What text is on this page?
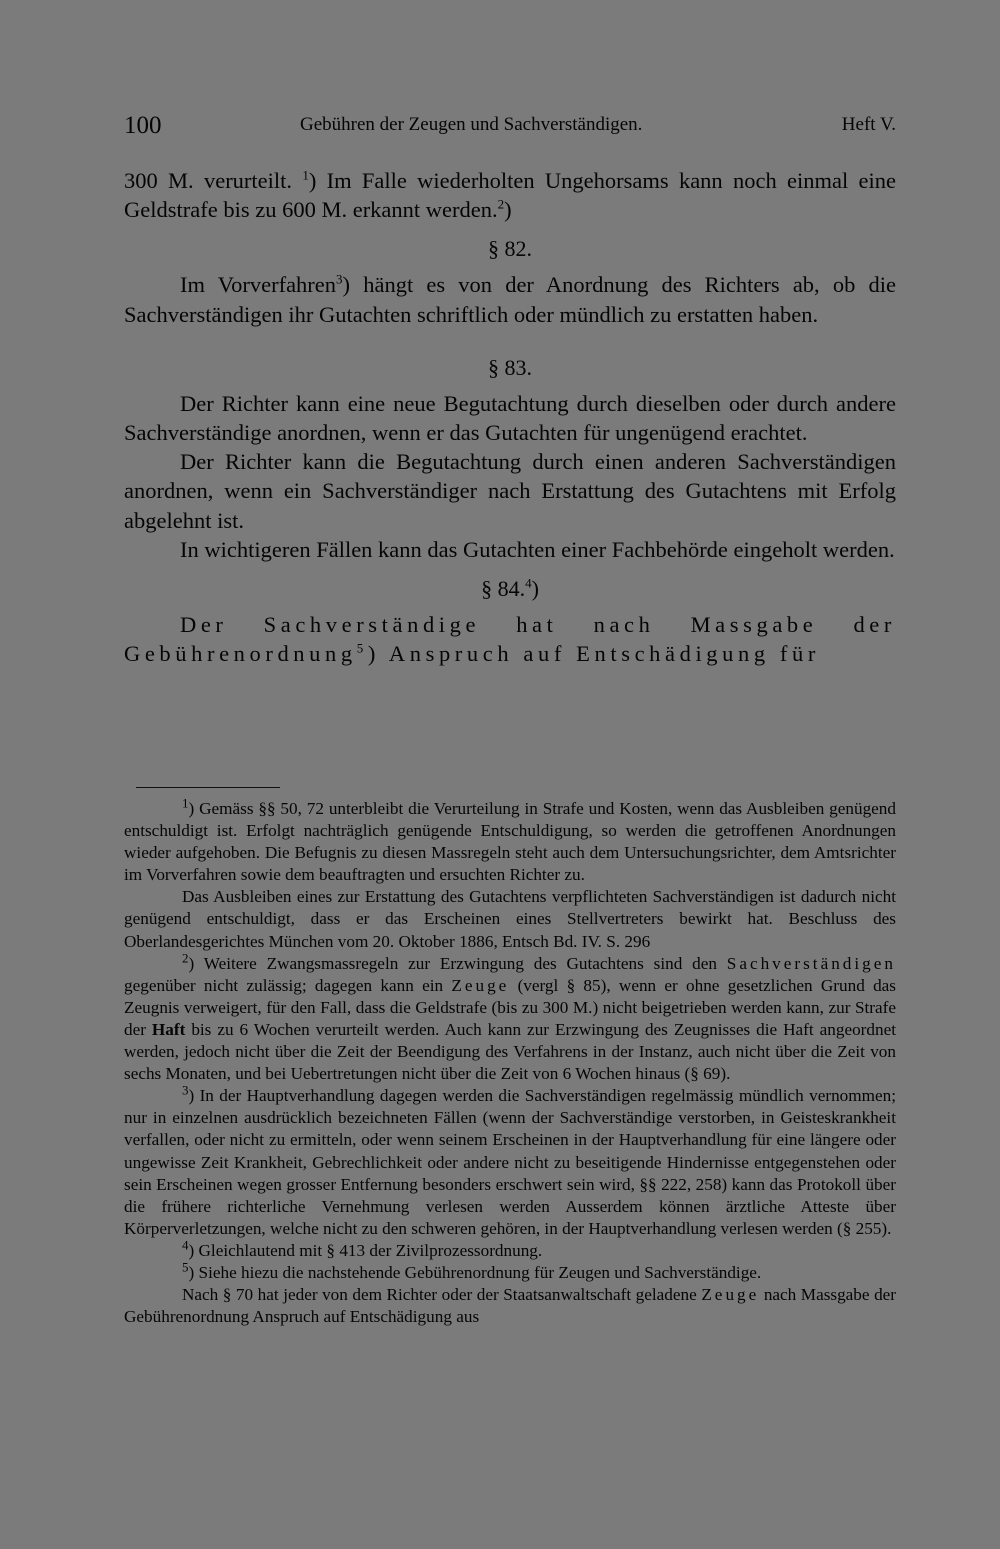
100	Gebühren der Zeugen und Sachverständigen.	Heft V.

300 M. verurteilt. $^1$) Im Falle wiederholten Ungehorsams kann noch einmal eine Geldstrafe bis zu 600 M. erkannt werden.$^2$)

§ 82.

Im Vorverfahren$^3$) hängt es von der Anordnung des Richters ab, ob die Sachverständigen ihr Gutachten schriftlich oder mündlich zu erstatten haben.

§ 83.

Der Richter kann eine neue Begutachtung durch dieselben oder durch andere Sachverständige anordnen, wenn er das Gutachten für ungenügend erachtet.

Der Richter kann die Begutachtung durch einen anderen Sachverständigen anordnen, wenn ein Sachverständiger nach Erstattung des Gutachtens mit Erfolg abgelehnt ist.

In wichtigeren Fällen kann das Gutachten einer Fachbehörde eingeholt werden.

§ 84.$^4$)

Der Sachverständige hat nach Massgabe der Gebührenordnung$^5$) Anspruch auf Entschädigung für

$^1$) Gemäss §§ 50, 72 unterbleibt die Verurteilung in Strafe und Kosten, wenn das Ausbleiben genügend entschuldigt ist. Erfolgt nachträglich genügende Entschuldigung, so werden die getroffenen Anordnungen wieder aufgehoben. Die Befugnis zu diesen Massregeln steht auch dem Untersuchungsrichter, dem Amtsrichter im Vorverfahren sowie dem beauftragten und ersuchten Richter zu.

Das Ausbleiben eines zur Erstattung des Gutachtens verpflichteten Sachverständigen ist dadurch nicht genügend entschuldigt, dass er das Erscheinen eines Stellvertreters bewirkt hat. Beschluss des Oberlandesgerichtes München vom 20. Oktober 1886, Entsch Bd. IV. S. 296

$^2$) Weitere Zwangsmassregeln zur Erzwingung des Gutachtens sind den Sachverständigen gegenüber nicht zulässig; dagegen kann ein Zeuge (vergl § 85), wenn er ohne gesetzlichen Grund das Zeugnis verweigert, für den Fall, dass die Geldstrafe (bis zu 300 M.) nicht beigetrieben werden kann, zur Strafe der Haft bis zu 6 Wochen verurteilt werden. Auch kann zur Erzwingung des Zeugnisses die Haft angeordnet werden, jedoch nicht über die Zeit der Beendigung des Verfahrens in der Instanz, auch nicht über die Zeit von sechs Monaten, und bei Uebertretungen nicht über die Zeit von 6 Wochen hinaus (§ 69).

$^3$) In der Hauptverhandlung dagegen werden die Sachverständigen regelmässig mündlich vernommen; nur in einzelnen ausdrücklich bezeichneten Fällen (wenn der Sachverständige verstorben, in Geisteskrankheit verfallen, oder nicht zu ermitteln, oder wenn seinem Erscheinen in der Hauptverhandlung für eine längere oder ungewisse Zeit Krankheit, Gebrechlichkeit oder andere nicht zu beseitigende Hindernisse entgegenstehen oder sein Erscheinen wegen grosser Entfernung besonders erschwert sein wird, §§ 222, 258) kann das Protokoll über die frühere richterliche Vernehmung verlesen werden Ausserdem können ärztliche Atteste über Körperverletzungen, welche nicht zu den schweren gehören, in der Hauptverhandlung verlesen werden (§ 255).

$^4$) Gleichlautend mit § 413 der Zivilprozessordnung.

$^5$) Siehe hiezu die nachstehende Gebührenordnung für Zeugen und Sachverständige.

Nach § 70 hat jeder von dem Richter oder der Staatsanwaltschaft geladene Zeuge nach Massgabe der Gebührenordnung Anspruch auf Entschädigung aus
